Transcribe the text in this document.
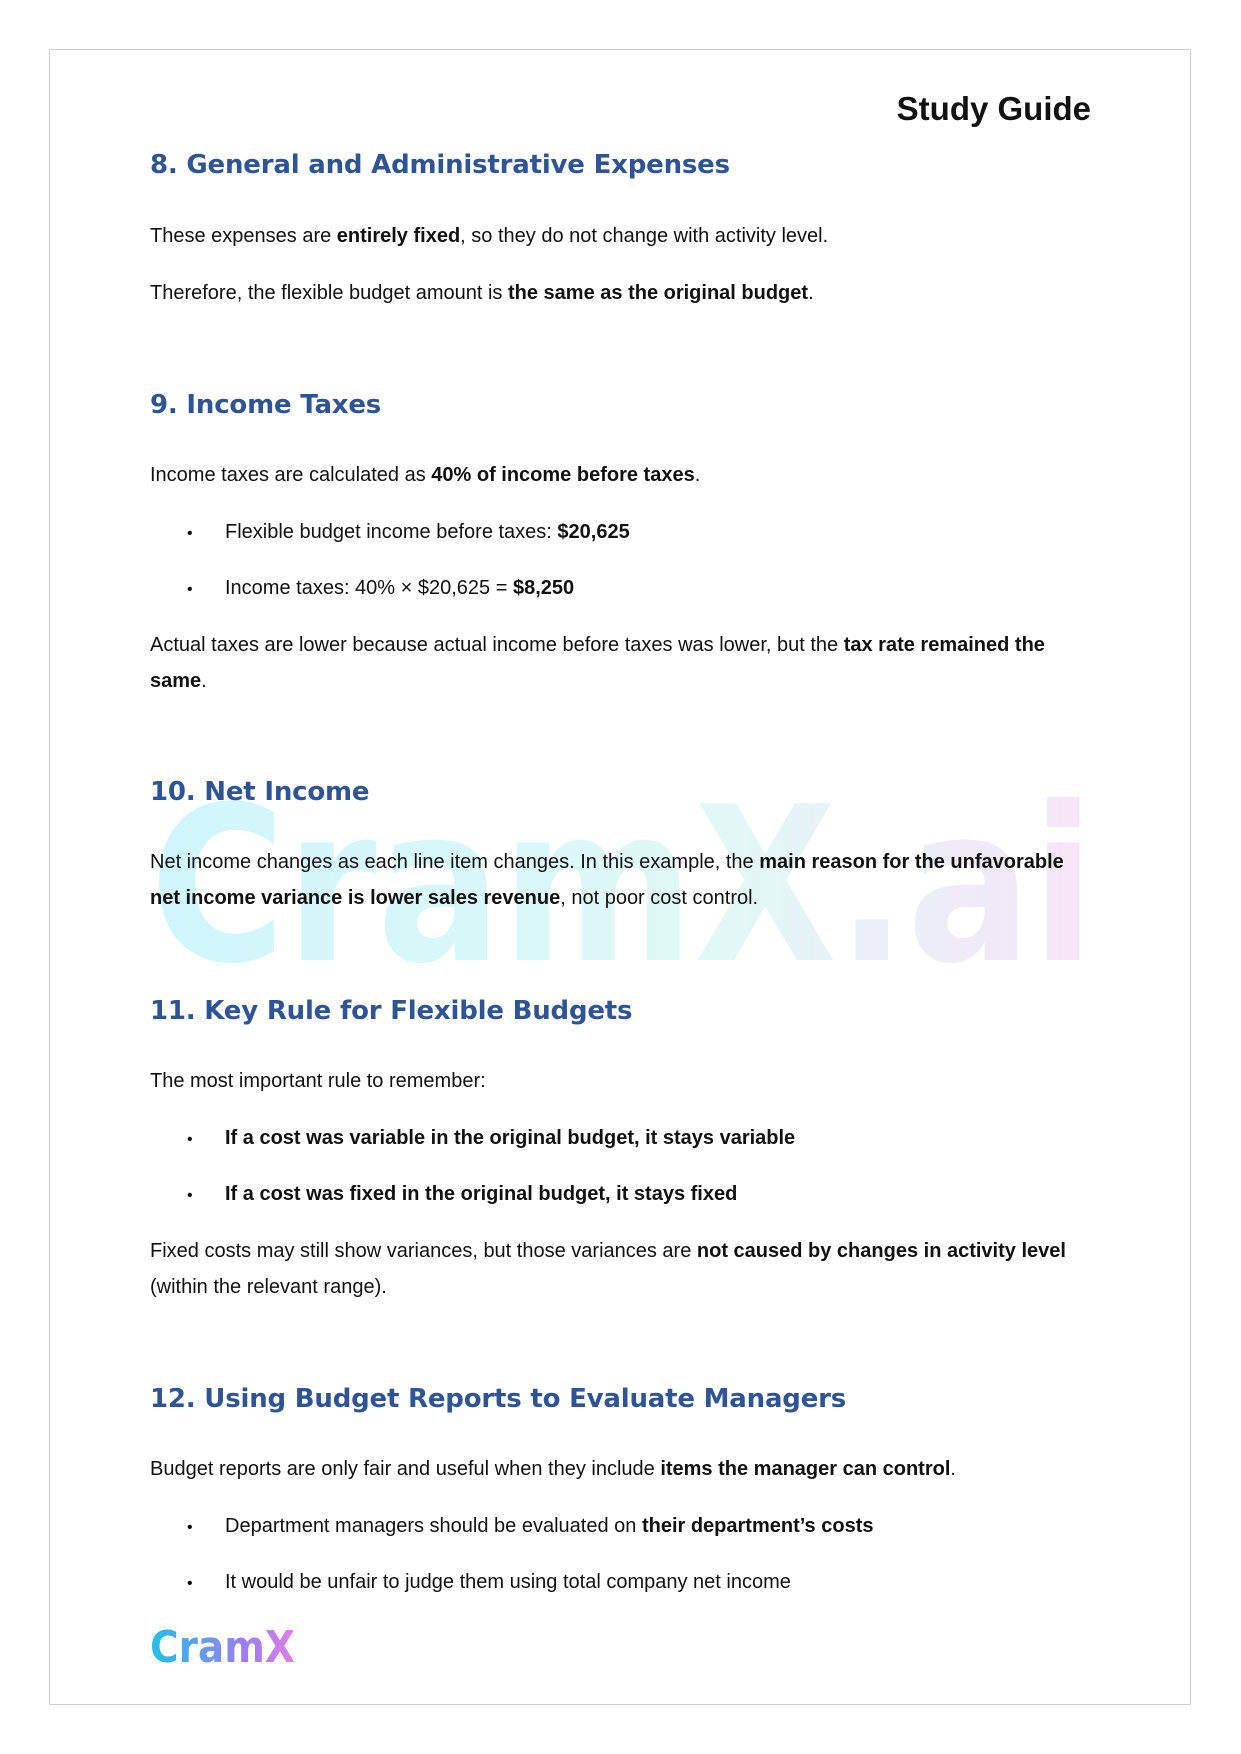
CramX.ai
Study Guide
8. General and Administrative Expenses
These expenses are entirely fixed, so they do not change with activity level.
Therefore, the flexible budget amount is the same as the original budget.
9. Income Taxes
Income taxes are calculated as 40% of income before taxes.
• Flexible budget income before taxes: $20,625
• Income taxes: 40% × $20,625 = $8,250
Actual taxes are lower because actual income before taxes was lower, but the tax rate remained the same.
10. Net Income
Net income changes as each line item changes. In this example, the main reason for the unfavorable net income variance is lower sales revenue, not poor cost control.
11. Key Rule for Flexible Budgets
The most important rule to remember:
• If a cost was variable in the original budget, it stays variable
• If a cost was fixed in the original budget, it stays fixed
Fixed costs may still show variances, but those variances are not caused by changes in activity level (within the relevant range).
12. Using Budget Reports to Evaluate Managers
Budget reports are only fair and useful when they include items the manager can control.
• Department managers should be evaluated on their department’s costs
• It would be unfair to judge them using total company net income
CramX
